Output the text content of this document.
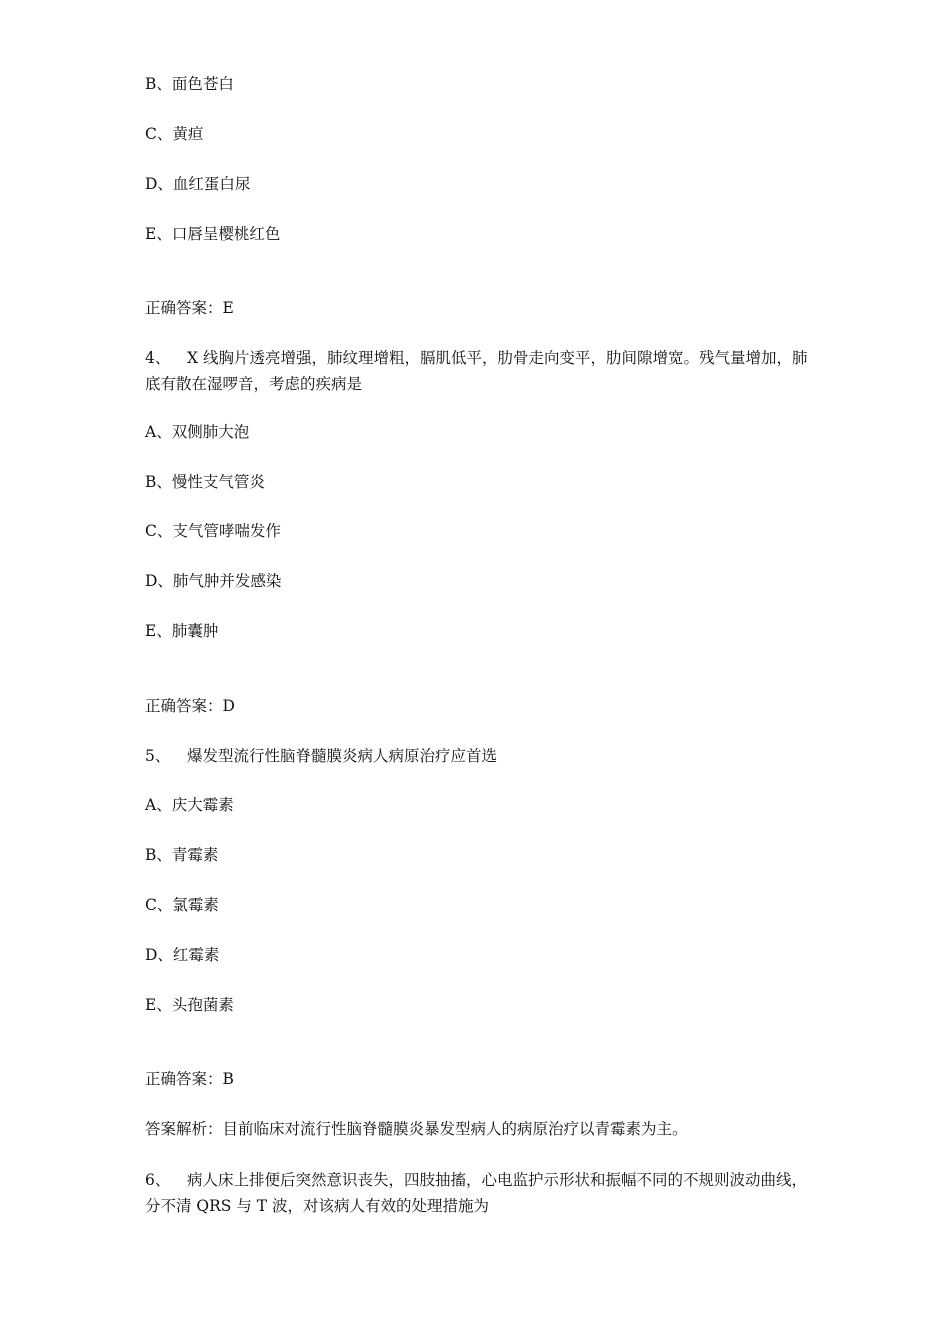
B、面色苍白
C、黄疸
D、血红蛋白尿
E、口唇呈樱桃红色
正确答案：E
4、 X 线胸片透亮增强，肺纹理增粗，膈肌低平，肋骨走向变平，肋间隙增宽。残气量增加，肺底有散在湿啰音，考虑的疾病是
A、双侧肺大泡
B、慢性支气管炎
C、支气管哮喘发作
D、肺气肿并发感染
E、肺囊肿
正确答案：D
5、 爆发型流行性脑脊髓膜炎病人病原治疗应首选
A、庆大霉素
B、青霉素
C、氯霉素
D、红霉素
E、头孢菌素
正确答案：B
答案解析：目前临床对流行性脑脊髓膜炎暴发型病人的病原治疗以青霉素为主。
6、 病人床上排便后突然意识丧失，四肢抽搐，心电监护示形状和振幅不同的不规则波动曲线，分不清 QRS 与 T 波，对该病人有效的处理措施为
